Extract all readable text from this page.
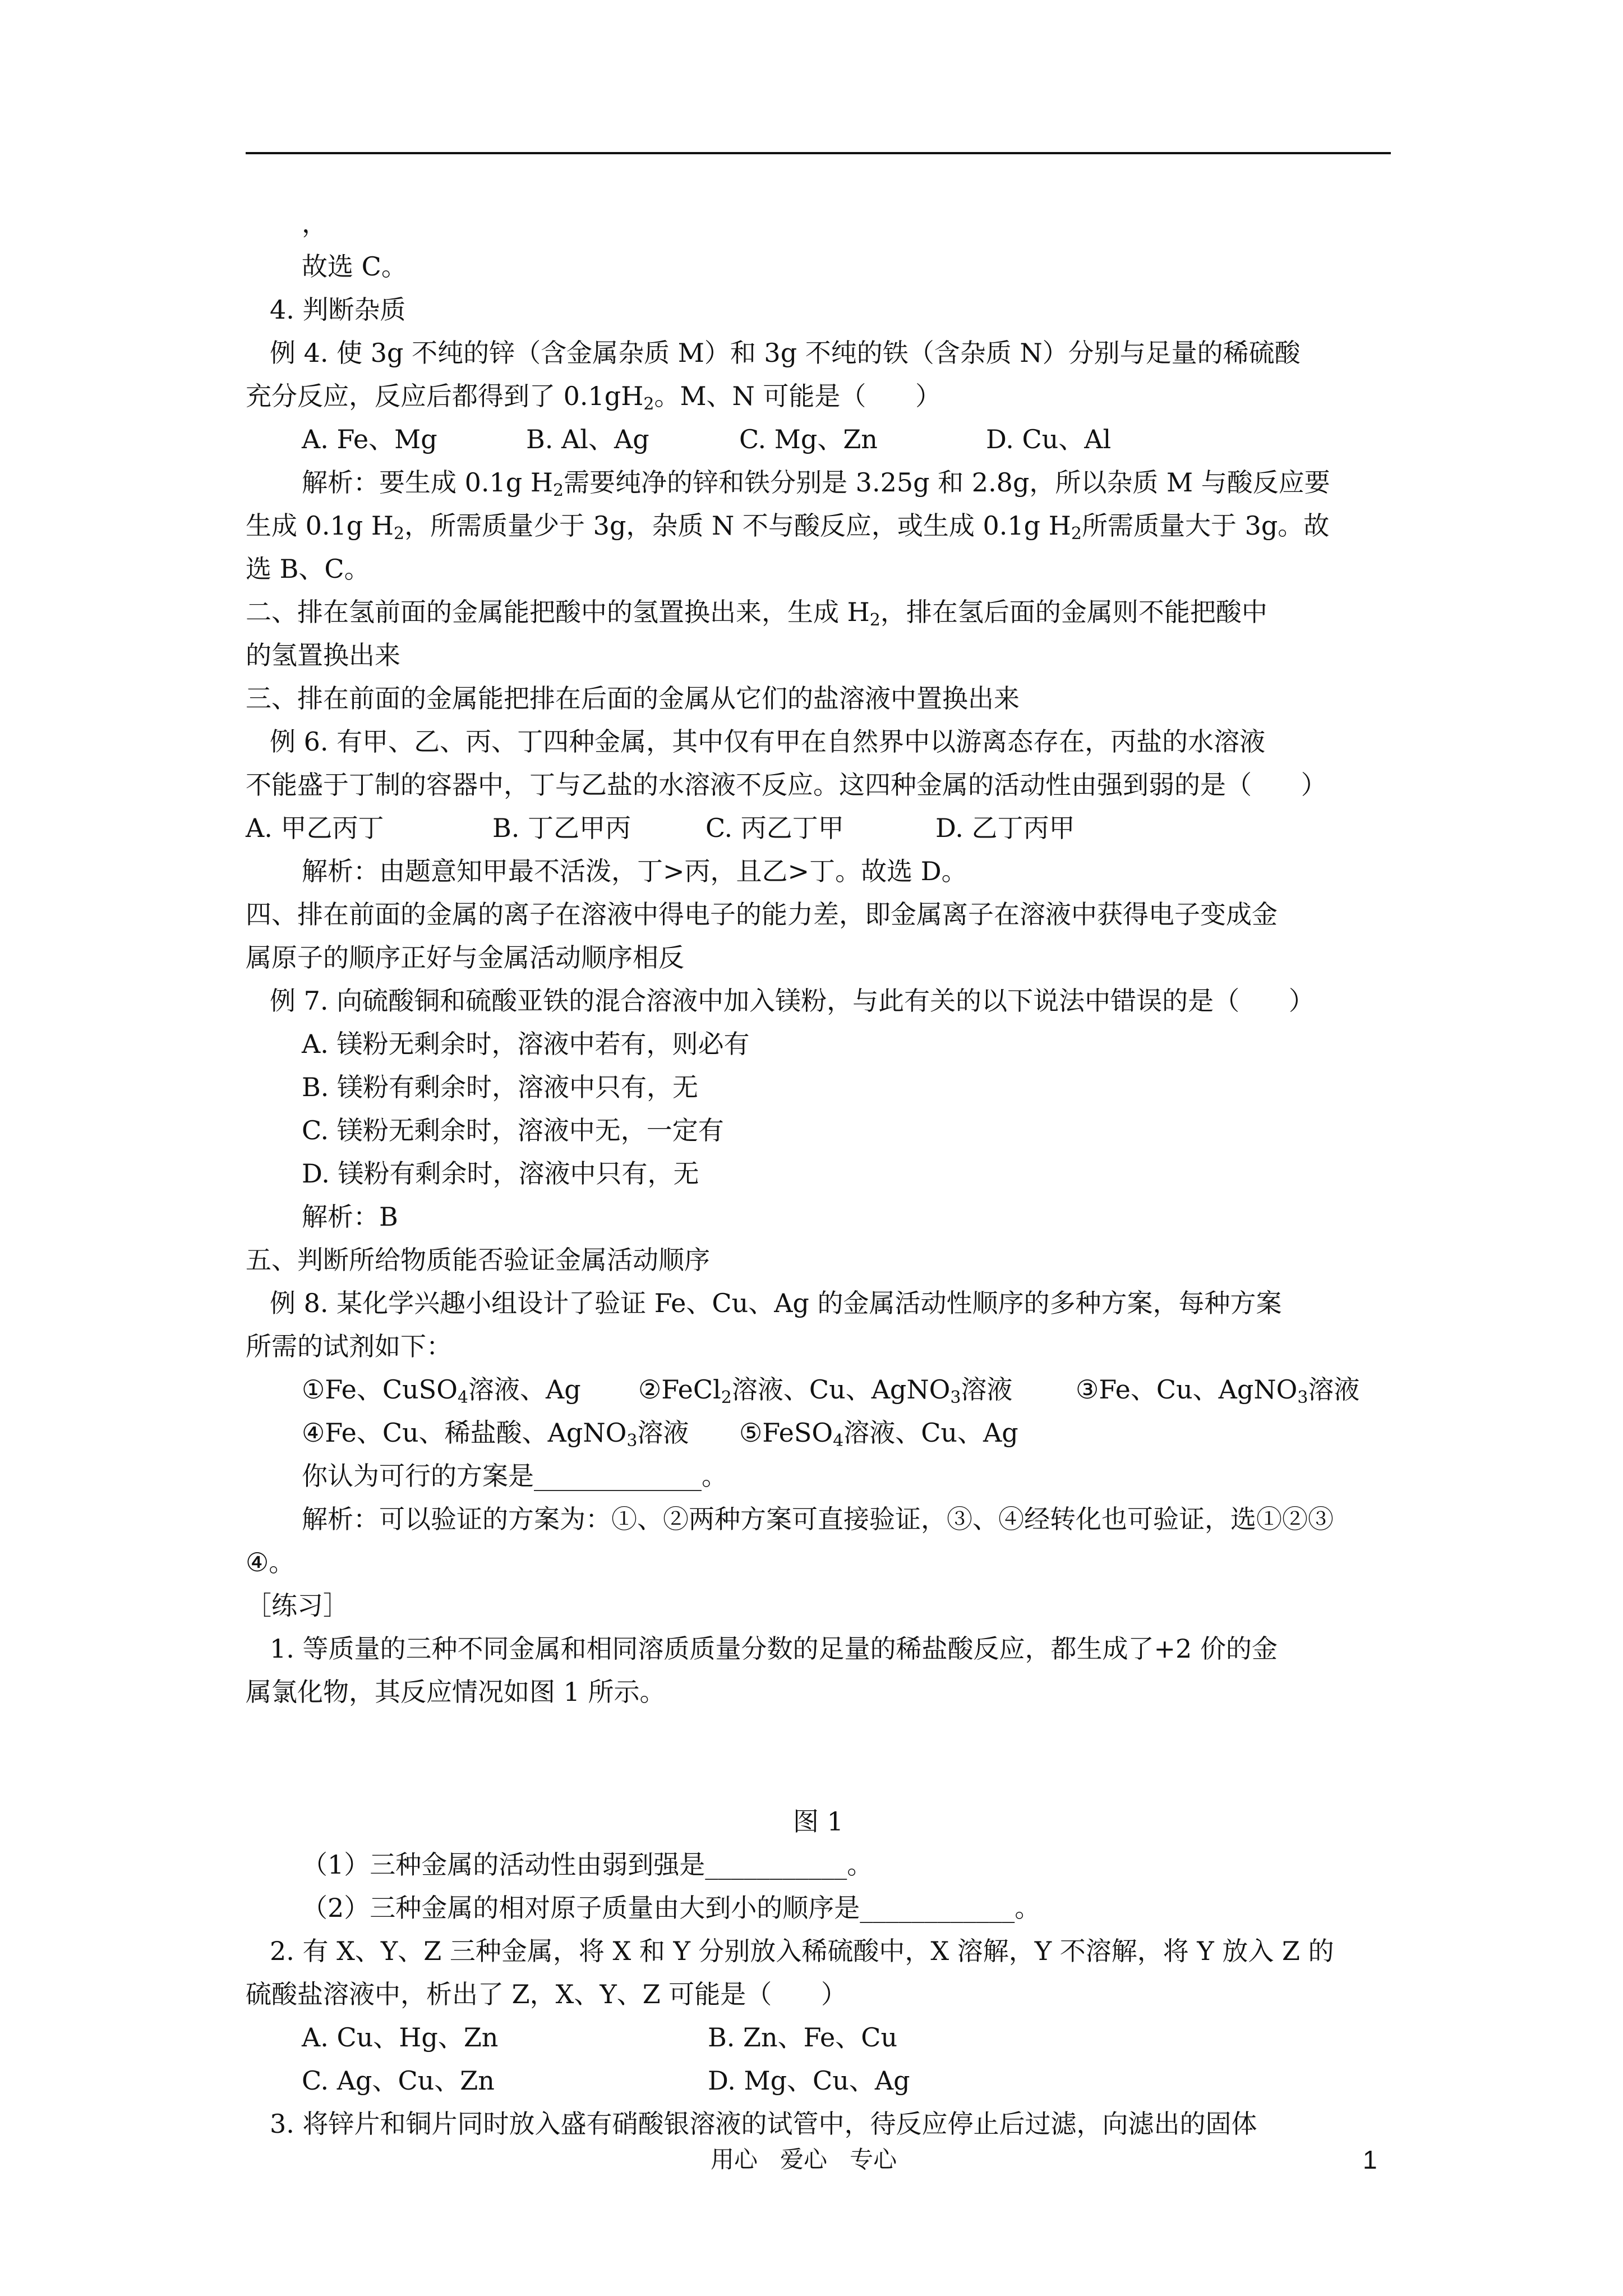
，
故选 C。
4. 判断杂质
例 4. 使 3g 不纯的锌（含金属杂质 M）和 3g 不纯的铁（含杂质 N）分别与足量的稀硫酸
充分反应，反应后都得到了 $0.1gH_2$。M、N 可能是（      ）
A. Fe、Mg	B. Al、Ag	C. Mg、Zn	D. Cu、Al
解析：要生成 0.1g $H_2$需要纯净的锌和铁分别是 3.25g 和 2.8g，所以杂质 M 与酸反应要
生成 0.1g $H_2$，所需质量少于 3g，杂质 N 不与酸反应，或生成 0.1g $H_2$所需质量大于 3g。故
选 B、C。
二、排在氢前面的金属能把酸中的氢置换出来，生成 $H_2$，排在氢后面的金属则不能把酸中
的氢置换出来
三、排在前面的金属能把排在后面的金属从它们的盐溶液中置换出来
例 6. 有甲、乙、丙、丁四种金属，其中仅有甲在自然界中以游离态存在，丙盐的水溶液
不能盛于丁制的容器中，丁与乙盐的水溶液不反应。这四种金属的活动性由强到弱的是（      ）
A. 甲乙丙丁	B. 丁乙甲丙	C. 丙乙丁甲	D. 乙丁丙甲
解析：由题意知甲最不活泼，丁>丙，且乙>丁。故选 D。
四、排在前面的金属的离子在溶液中得电子的能力差，即金属离子在溶液中获得电子变成金
属原子的顺序正好与金属活动顺序相反
例 7. 向硫酸铜和硫酸亚铁的混合溶液中加入镁粉，与此有关的以下说法中错误的是（      ）
A. 镁粉无剩余时，溶液中若有，则必有
B. 镁粉有剩余时，溶液中只有，无
C. 镁粉无剩余时，溶液中无，一定有
D. 镁粉有剩余时，溶液中只有，无
解析：B
五、判断所给物质能否验证金属活动顺序
例 8. 某化学兴趣小组设计了验证 Fe、Cu、Ag 的金属活动性顺序的多种方案，每种方案
所需的试剂如下：
①Fe、CuSO$_4$溶液、Ag ②FeCl$_2$溶液、Cu、AgNO$_3$溶液 ③Fe、Cu、AgNO$_3$溶液
④Fe、Cu、稀盐酸、AgNO$_3$溶液 ⑤FeSO$_4$溶液、Cu、Ag
你认为可行的方案是_____________。
解析：可以验证的方案为：①、②两种方案可直接验证，③、④经转化也可验证，选①②③
④。
［练习］
1. 等质量的三种不同金属和相同溶质质量分数的足量的稀盐酸反应，都生成了+2 价的金
属氯化物，其反应情况如图 1 所示。
图 1
（1）三种金属的活动性由弱到强是___________。
（2）三种金属的相对原子质量由大到小的顺序是____________。
2. 有 X、Y、Z 三种金属，将 X 和 Y 分别放入稀硫酸中，X 溶解，Y 不溶解，将 Y 放入 Z 的
硫酸盐溶液中，析出了 Z，X、Y、Z 可能是（      ）
A. Cu、Hg、Zn	B. Zn、Fe、Cu
C. Ag、Cu、Zn	D. Mg、Cu、Ag
3. 将锌片和铜片同时放入盛有硝酸银溶液的试管中，待反应停止后过滤，向滤出的固体
用心   爱心   专心	1
